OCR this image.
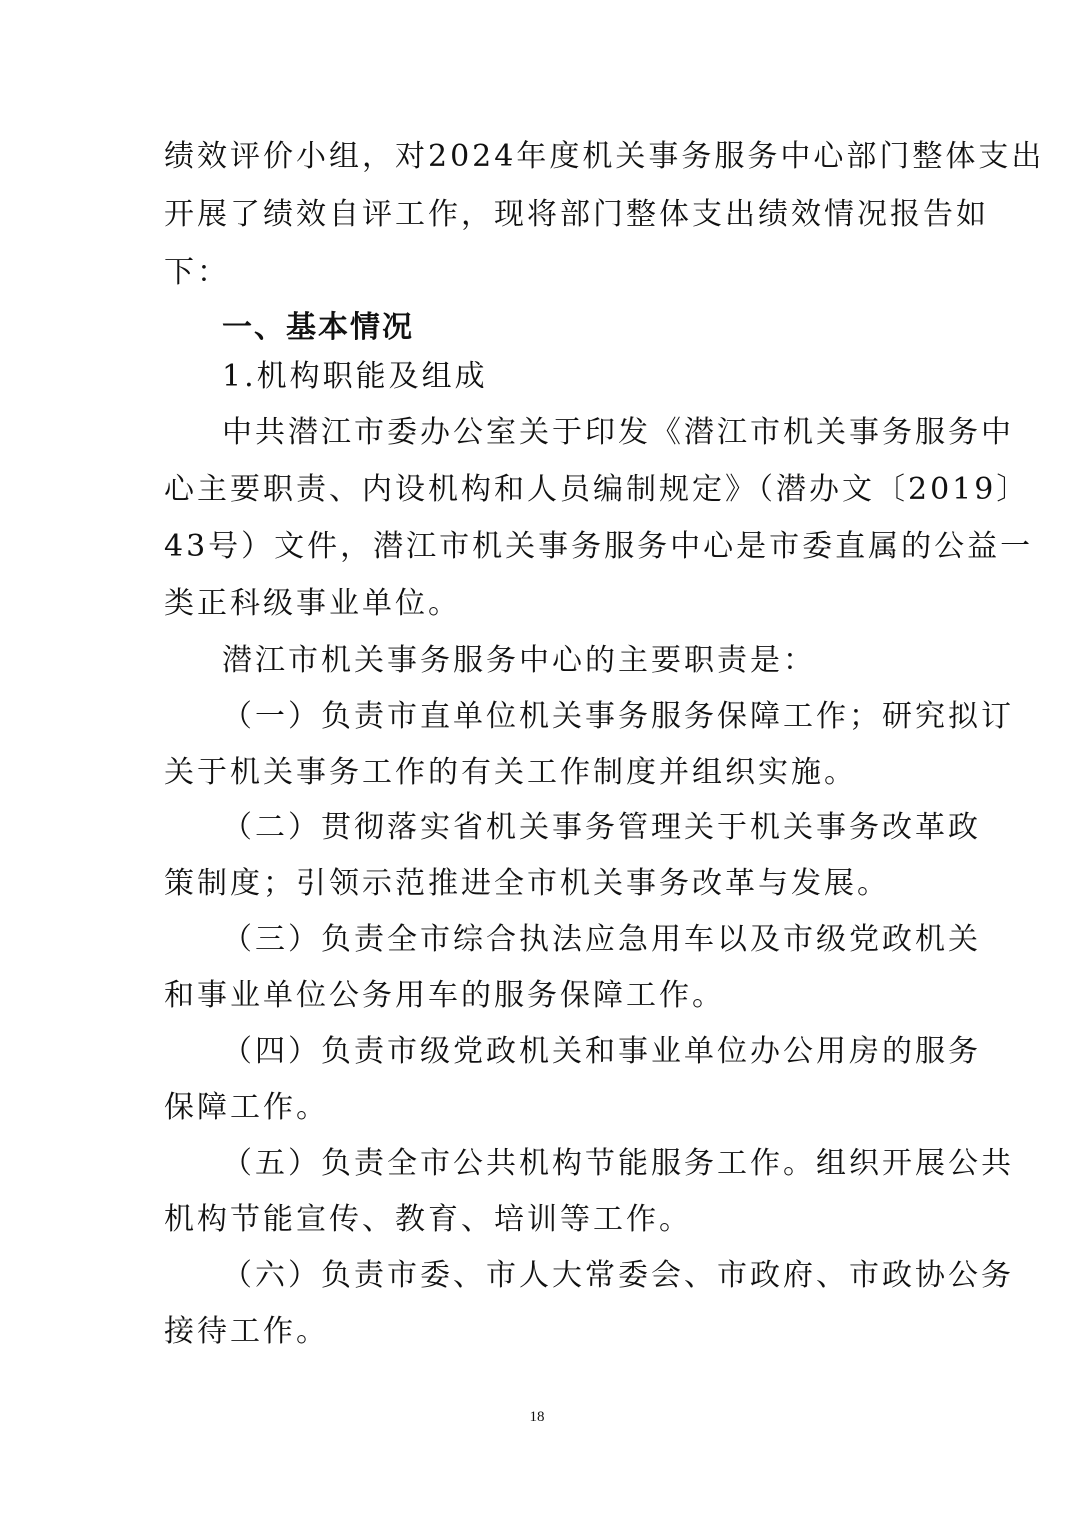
绩效评价小组，对2024年度机关事务服务中心部门整体支出
开展了绩效自评工作，现将部门整体支出绩效情况报告如
下：
一、基本情况
1.机构职能及组成
中共潜江市委办公室关于印发《潜江市机关事务服务中
心主要职责、内设机构和人员编制规定》（潜办文〔2019〕
43号）文件，潜江市机关事务服务中心是市委直属的公益一
类正科级事业单位。
潜江市机关事务服务中心的主要职责是：
（一）负责市直单位机关事务服务保障工作；研究拟订
关于机关事务工作的有关工作制度并组织实施。
（二）贯彻落实省机关事务管理关于机关事务改革政
策制度；引领示范推进全市机关事务改革与发展。
（三）负责全市综合执法应急用车以及市级党政机关
和事业单位公务用车的服务保障工作。
（四）负责市级党政机关和事业单位办公用房的服务
保障工作。
（五）负责全市公共机构节能服务工作。组织开展公共
机构节能宣传、教育、培训等工作。
（六）负责市委、市人大常委会、市政府、市政协公务
接待工作。
18
